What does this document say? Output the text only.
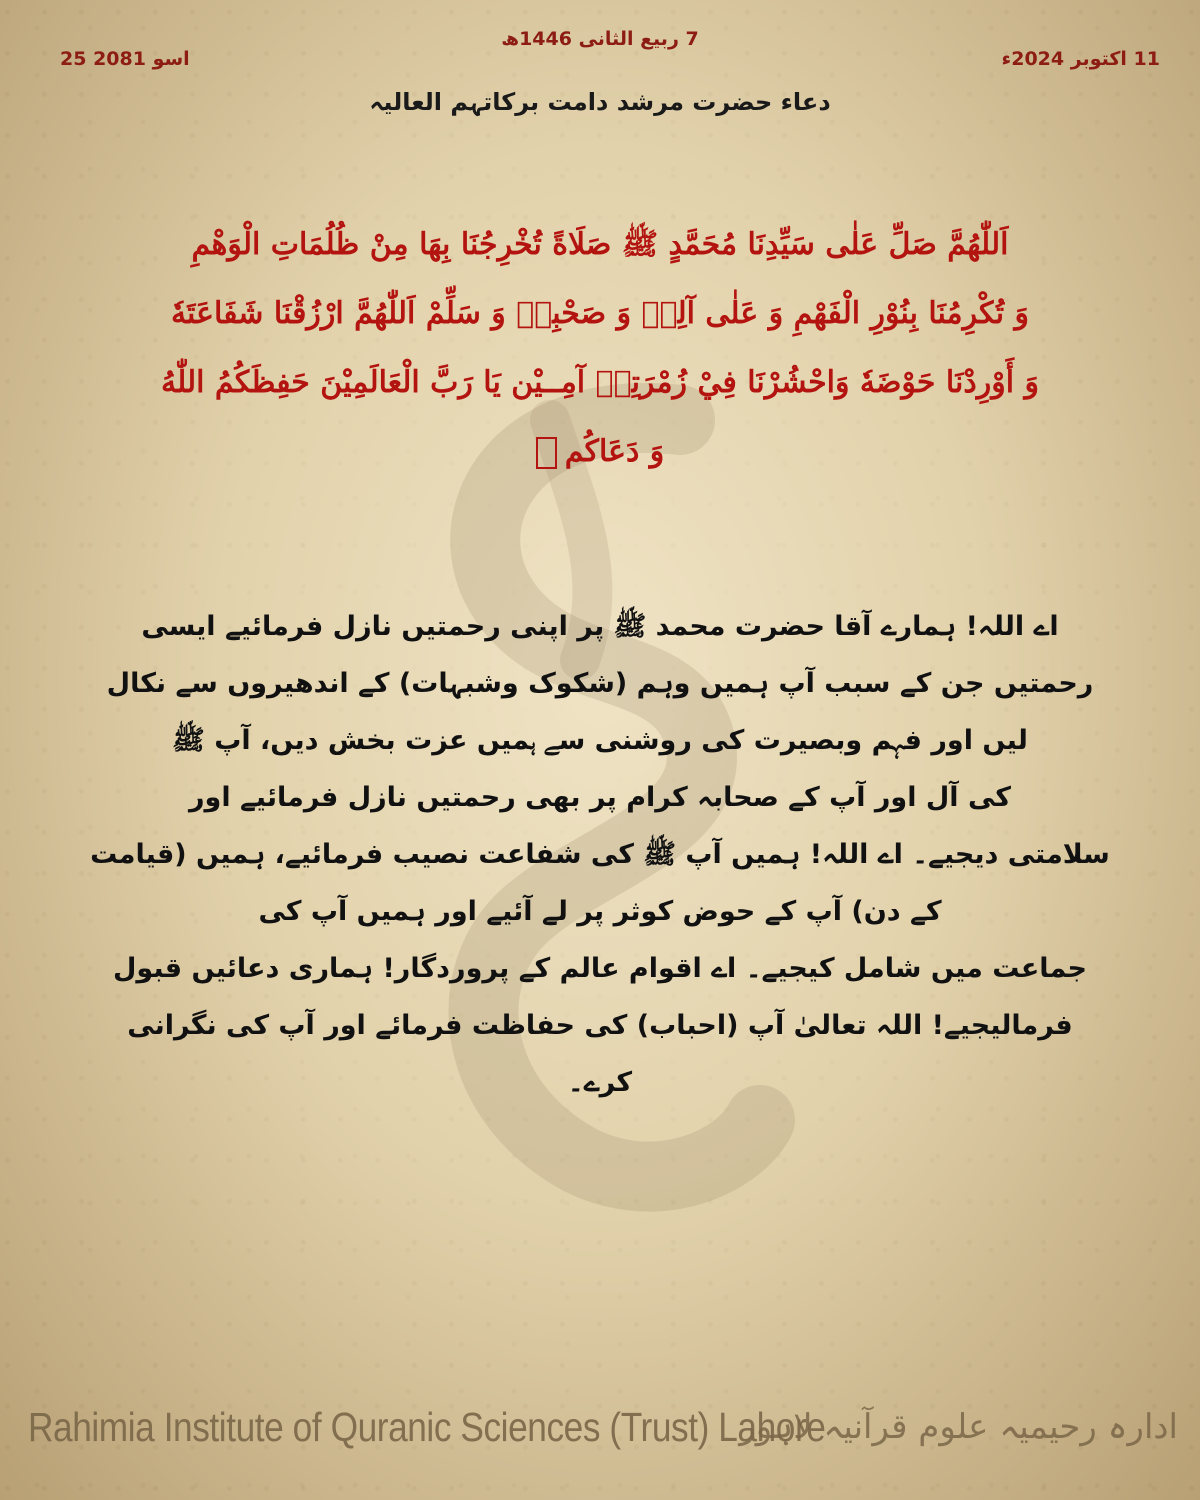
7 ربیع الثانی 1446ھ
11 اکتوبر 2024ء
25 اسو 2081
دعاء حضرت مرشد دامت برکاتہم العالیہ
اَللّٰهُمَّ صَلِّ عَلٰى سَيِّدِنَا مُحَمَّدٍ ﷺ صَلَاةً تُخْرِجُنَا بِهَا مِنْ ظُلُمَاتِ الْوَهْمِ
وَ تُكْرِمُنَا بِنُوْرِ الْفَهْمِ وَ عَلٰى آلِهٖ وَ صَحْبِهٖ وَ سَلِّمْ اَللّٰهُمَّ ارْزُقْنَا شَفَاعَتَهٗ
وَ أَوْرِدْنَا حَوْضَهٗ وَاحْشُرْنَا فِيْ زُمْرَتِهٖ آمِــيْن يَا رَبَّ الْعَالَمِيْنَ حَفِظَكُمُ اللّٰهُ
وَ دَعَاكُم
اے اللہ! ہمارے آقا حضرت محمد ﷺ پر اپنی رحمتیں نازل فرمائیے ایسی
رحمتیں جن کے سبب آپ ہمیں وہم (شکوک وشبہات) کے اندھیروں سے نکال
لیں اور فہم وبصیرت کی روشنی سے ہمیں عزت بخش دیں، آپ ﷺ
کی آل اور آپ کے صحابہ کرام پر بھی رحمتیں نازل فرمائیے اور
سلامتی دیجیے۔ اے اللہ! ہمیں آپ ﷺ کی شفاعت نصیب فرمائیے، ہمیں (قیامت
کے دن) آپ کے حوض کوثر پر لے آئیے اور ہمیں آپ کی
جماعت میں شامل کیجیے۔ اے اقوام عالم کے پروردگار! ہماری دعائیں قبول
فرمالیجیے! اللہ تعالیٰ آپ (احباب) کی حفاظت فرمائے اور آپ کی نگرانی
کرے۔
Rahimia Institute of Quranic Sciences (Trust) Lahore
ادارہ رحیمیہ علوم قرآنیہ لاہور
